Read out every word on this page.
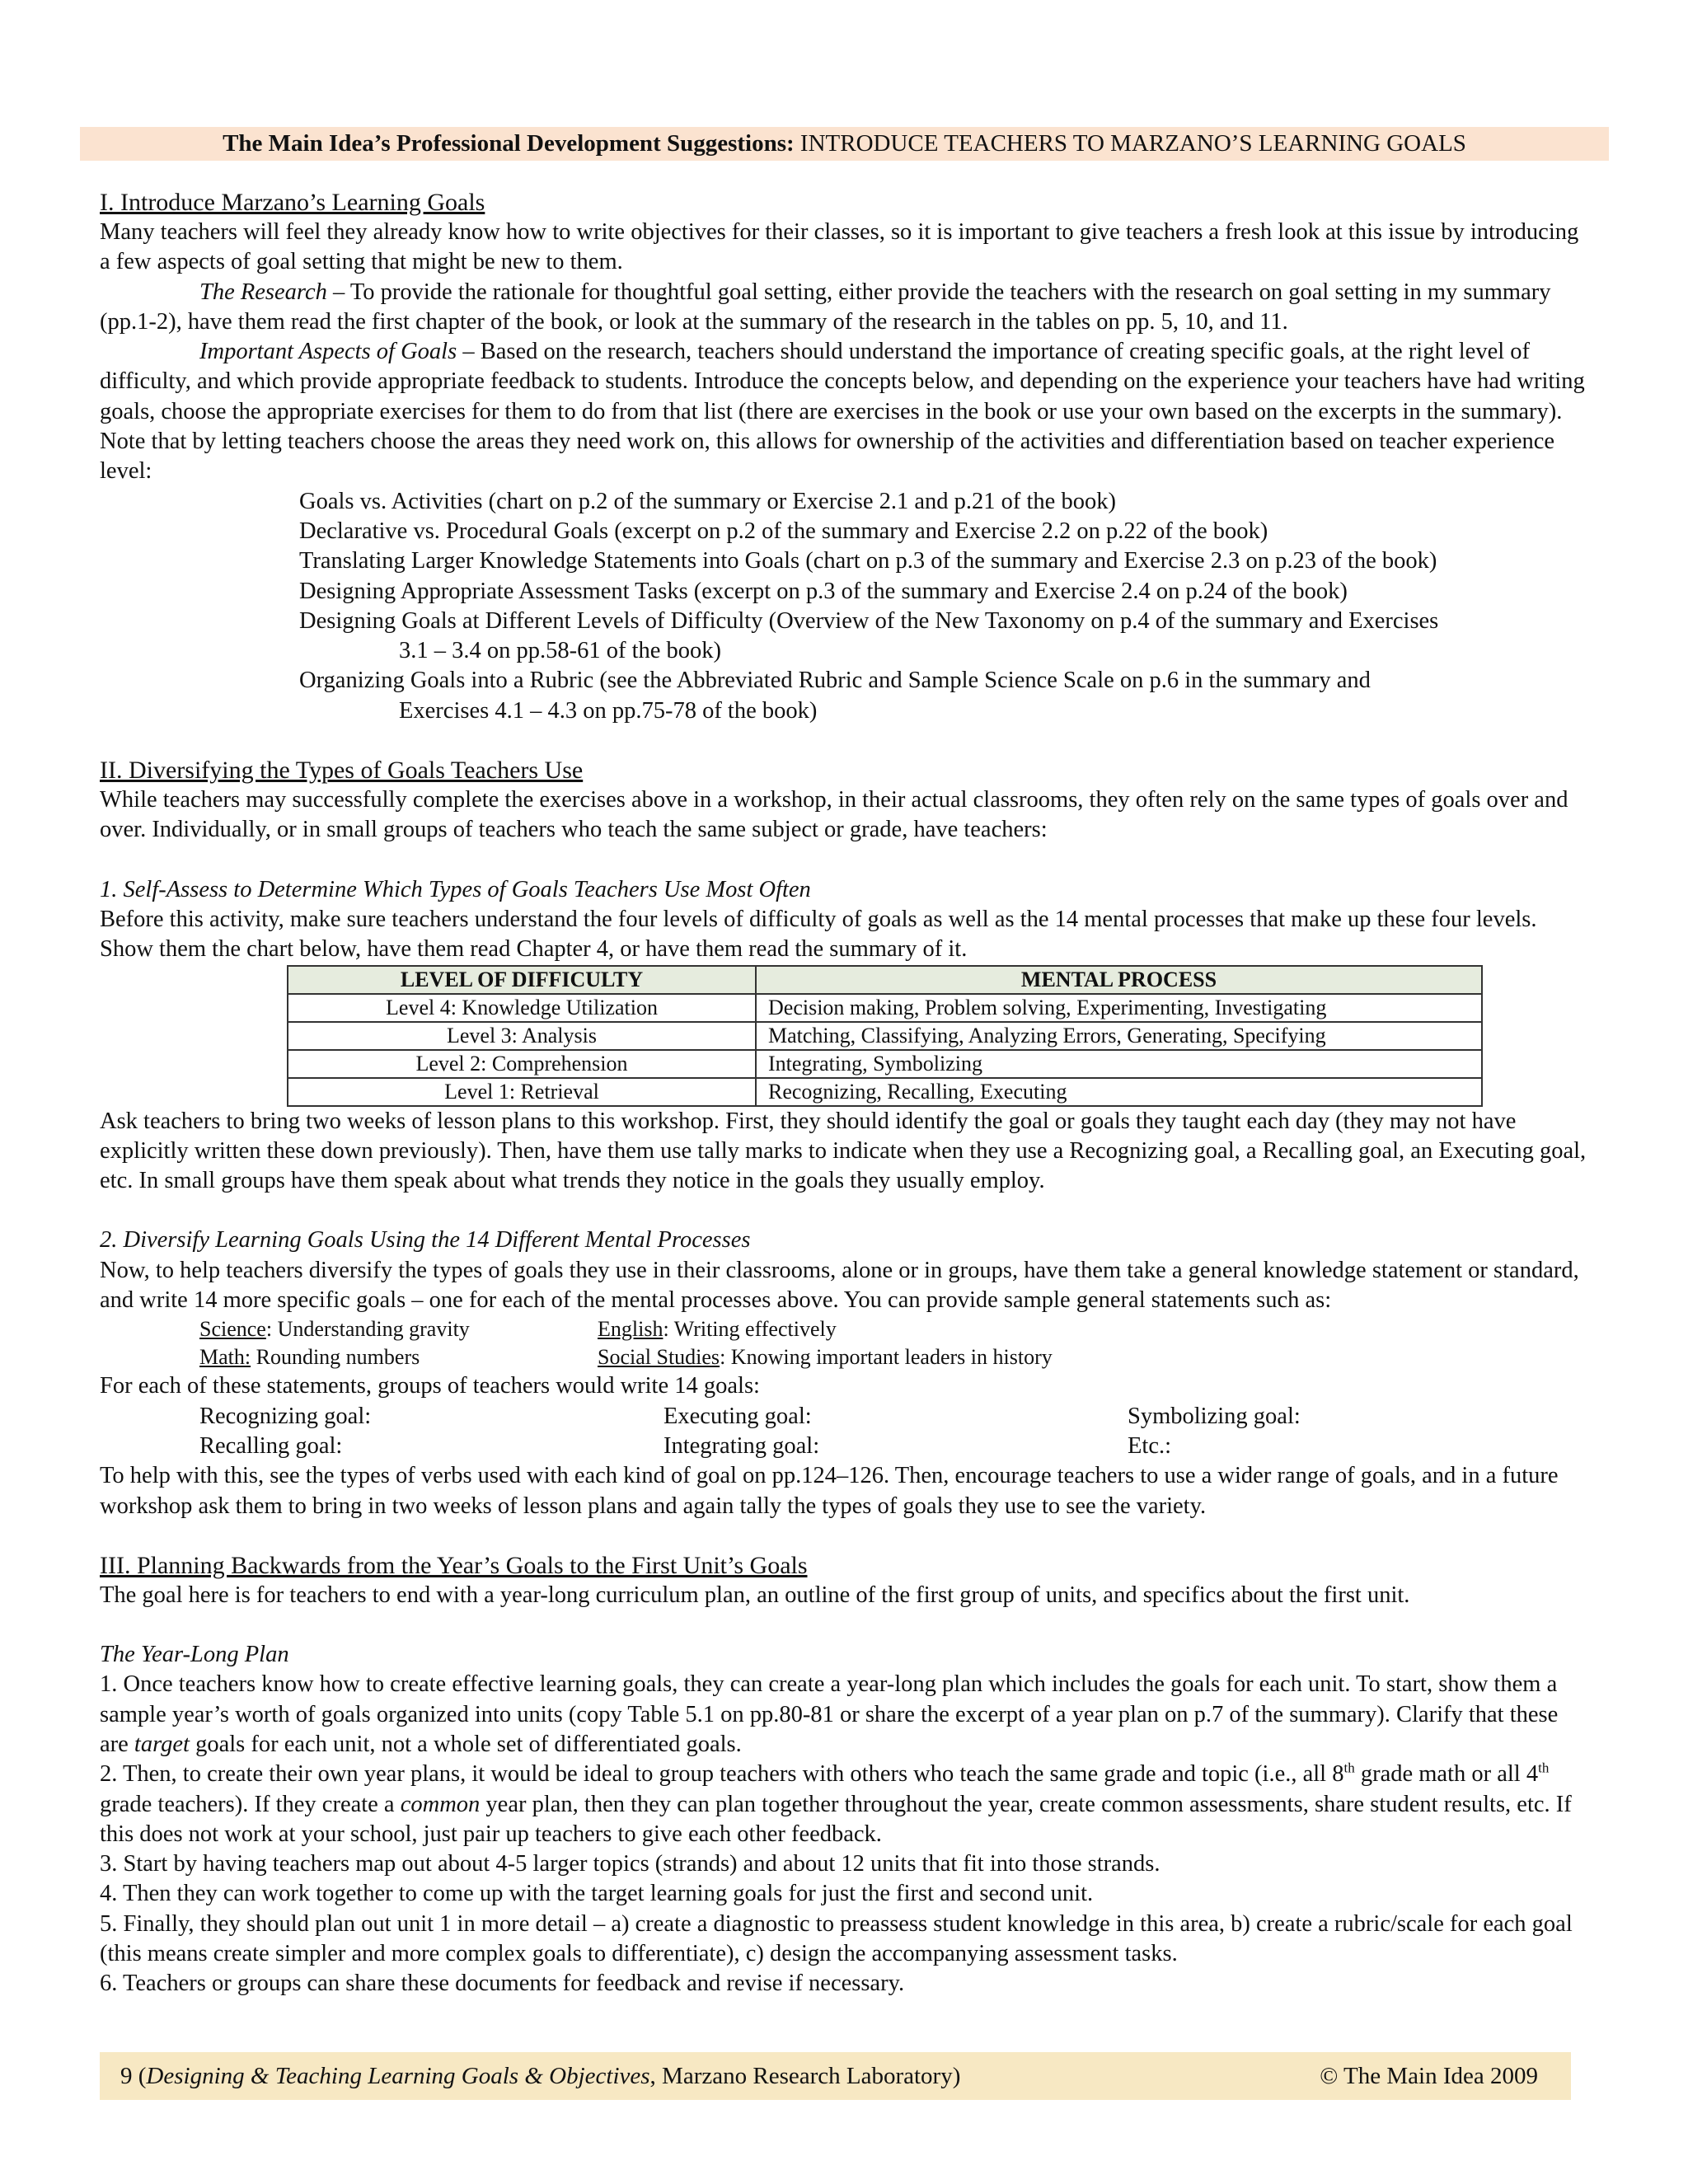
The Main Idea’s Professional Development Suggestions: INTRODUCE TEACHERS TO MARZANO’S LEARNING GOALS

I. Introduce Marzano’s Learning Goals

Many teachers will feel they already know how to write objectives for their classes, so it is important to give teachers a fresh look at this issue by introducing a few aspects of goal setting that might be new to them.

The Research – To provide the rationale for thoughtful goal setting, either provide the teachers with the research on goal setting in my summary (pp.1-2), have them read the first chapter of the book, or look at the summary of the research in the tables on pp. 5, 10, and 11.

Important Aspects of Goals – Based on the research, teachers should understand the importance of creating specific goals, at the right level of difficulty, and which provide appropriate feedback to students. Introduce the concepts below, and depending on the experience your teachers have had writing goals, choose the appropriate exercises for them to do from that list (there are exercises in the book or use your own based on the excerpts in the summary). Note that by letting teachers choose the areas they need work on, this allows for ownership of the activities and differentiation based on teacher experience level:

Goals vs. Activities (chart on p.2 of the summary or Exercise 2.1 and p.21 of the book)

Declarative vs. Procedural Goals (excerpt on p.2 of the summary and Exercise 2.2 on p.22 of the book)

Translating Larger Knowledge Statements into Goals (chart on p.3 of the summary and Exercise 2.3 on p.23 of the book)

Designing Appropriate Assessment Tasks (excerpt on p.3 of the summary and Exercise 2.4 on p.24 of the book)

Designing Goals at Different Levels of Difficulty (Overview of the New Taxonomy on p.4 of the summary and Exercises

3.1 – 3.4 on pp.58-61 of the book)

Organizing Goals into a Rubric (see the Abbreviated Rubric and Sample Science Scale on p.6 in the summary and

Exercises 4.1 – 4.3 on pp.75-78 of the book)

II. Diversifying the Types of Goals Teachers Use

While teachers may successfully complete the exercises above in a workshop, in their actual classrooms, they often rely on the same types of goals over and over. Individually, or in small groups of teachers who teach the same subject or grade, have teachers:

1. Self-Assess to Determine Which Types of Goals Teachers Use Most Often

Before this activity, make sure teachers understand the four levels of difficulty of goals as well as the 14 mental processes that make up these four levels. Show them the chart below, have them read Chapter 4, or have them read the summary of it.

LEVEL OF DIFFICULTY	MENTAL PROCESS
Level 4: Knowledge Utilization	Decision making, Problem solving, Experimenting, Investigating
Level 3: Analysis	Matching, Classifying, Analyzing Errors, Generating, Specifying
Level 2: Comprehension	Integrating, Symbolizing
Level 1: Retrieval	Recognizing, Recalling, Executing

Ask teachers to bring two weeks of lesson plans to this workshop. First, they should identify the goal or goals they taught each day (they may not have explicitly written these down previously). Then, have them use tally marks to indicate when they use a Recognizing goal, a Recalling goal, an Executing goal, etc. In small groups have them speak about what trends they notice in the goals they usually employ.

2. Diversify Learning Goals Using the 14 Different Mental Processes

Now, to help teachers diversify the types of goals they use in their classrooms, alone or in groups, have them take a general knowledge statement or standard, and write 14 more specific goals – one for each of the mental processes above. You can provide sample general statements such as:

Science: Understanding gravity	English: Writing effectively
Math: Rounding numbers	Social Studies: Knowing important leaders in history

For each of these statements, groups of teachers would write 14 goals:

Recognizing goal:	Executing goal:	Symbolizing goal:
Recalling goal:	Integrating goal:	Etc.:

To help with this, see the types of verbs used with each kind of goal on pp.124–126. Then, encourage teachers to use a wider range of goals, and in a future workshop ask them to bring in two weeks of lesson plans and again tally the types of goals they use to see the variety.

III. Planning Backwards from the Year’s Goals to the First Unit’s Goals

The goal here is for teachers to end with a year-long curriculum plan, an outline of the first group of units, and specifics about the first unit.

The Year-Long Plan

1. Once teachers know how to create effective learning goals, they can create a year-long plan which includes the goals for each unit. To start, show them a sample year’s worth of goals organized into units (copy Table 5.1 on pp.80-81 or share the excerpt of a year plan on p.7 of the summary). Clarify that these are target goals for each unit, not a whole set of differentiated goals.

2. Then, to create their own year plans, it would be ideal to group teachers with others who teach the same grade and topic (i.e., all 8th grade math or all 4th grade teachers). If they create a common year plan, then they can plan together throughout the year, create common assessments, share student results, etc. If this does not work at your school, just pair up teachers to give each other feedback.

3. Start by having teachers map out about 4-5 larger topics (strands) and about 12 units that fit into those strands.

4. Then they can work together to come up with the target learning goals for just the first and second unit.

5. Finally, they should plan out unit 1 in more detail – a) create a diagnostic to preassess student knowledge in this area, b) create a rubric/scale for each goal (this means create simpler and more complex goals to differentiate), c) design the accompanying assessment tasks.

6. Teachers or groups can share these documents for feedback and revise if necessary.

9 (Designing & Teaching Learning Goals & Objectives, Marzano Research Laboratory)	© The Main Idea 2009
